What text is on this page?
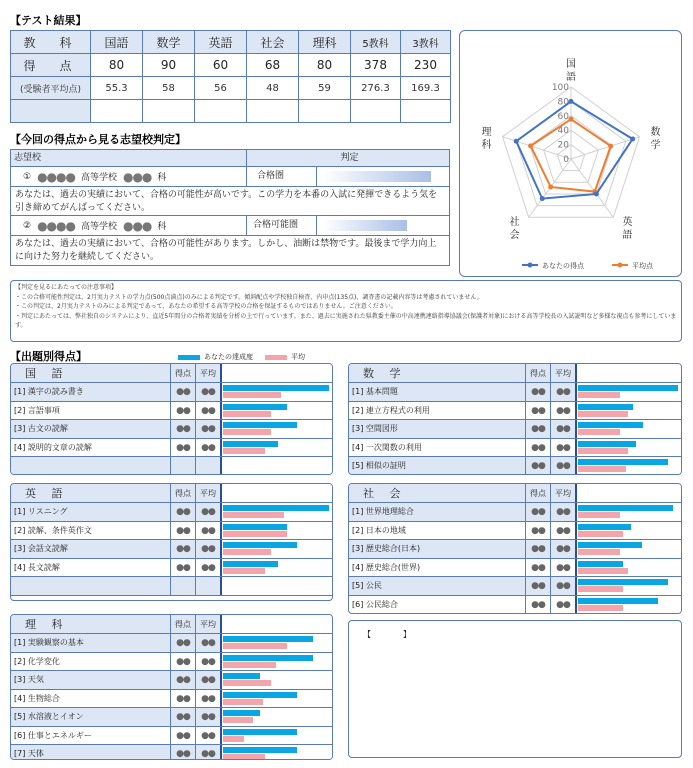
【テスト結果】
教　科	国語	数学	英語	社会	理科	5教科	3教科
得　点	80	90	60	68	80	378	230
(受験者平均点)	55.3	58	56	48	59	276.3	169.3

【今回の得点から見る志望校判定】
志望校	判定
① ●●●● 高等学校 ●●● 科	合格圏
あなたは、過去の実績において、合格の可能性が高いです。この学力を本番の入試に発揮できるよう気を引き締めてがんばってください。
② ●●●● 高等学校 ●●● 科	合格可能圏
あなたは、過去の実績において、合格の可能性があります。しかし、油断は禁物です。最後まで学力向上に向けた努力を継続してください。
100
80
60
40
20
0
国語
数学
英語
社会
理科
あなたの得点	平均点
【判定を見るにあたっての注意事項】
・この合格可能性判定は、2月実力テストの学力点(500点満点)のみによる判定です。傾斜配点や学校独自検査、内申点(135点)、調査書の記載内容等は考慮されていません。
・この判定は、2月実力テストのみによる判定であって、あなたの希望する高等学校の合格を保証するものではありません。ご注意ください。
・判定にあたっては、弊社独自のシステムにより、直近5年間分の合格者実績を分析の上で行っています。また、過去に実施された県教委主催の中高連携連絡指導協議会(保護者対象)における高等学校長の入試説明など多様な視点も参考にしています。
【出題別得点】	あなたの達成度	平均
国 語	得点	平均
[1] 漢字の読み書き	●●	●●
[2] 言語事項	●●	●●
[3] 古文の読解	●●	●●
[4] 説明的文章の読解	●●	●●
数 学	得点	平均
[1] 基本問題	●●	●●
[2] 連立方程式の利用	●●	●●
[3] 空間図形	●●	●●
[4] 一次関数の利用	●●	●●
[5] 相似の証明	●●	●●
英 語	得点	平均
[1] リスニング	●●	●●
[2] 読解、条件英作文	●●	●●
[3] 会話文読解	●●	●●
[4] 長文読解	●●	●●
社 会	得点	平均
[1] 世界地理総合	●●	●●
[2] 日本の地域	●●	●●
[3] 歴史総合(日本)	●●	●●
[4] 歴史総合(世界)	●●	●●
[5] 公民	●●	●●
[6] 公民総合	●●	●●
理 科	得点	平均
[1] 実験観察の基本	●●	●●
[2] 化学変化	●●	●●
[3] 天気	●●	●●
[4] 生物総合	●●	●●
[5] 水溶液とイオン	●●	●●
[6] 仕事とエネルギー	●●	●●
[7] 天体	●●	●●
【　　　　】
